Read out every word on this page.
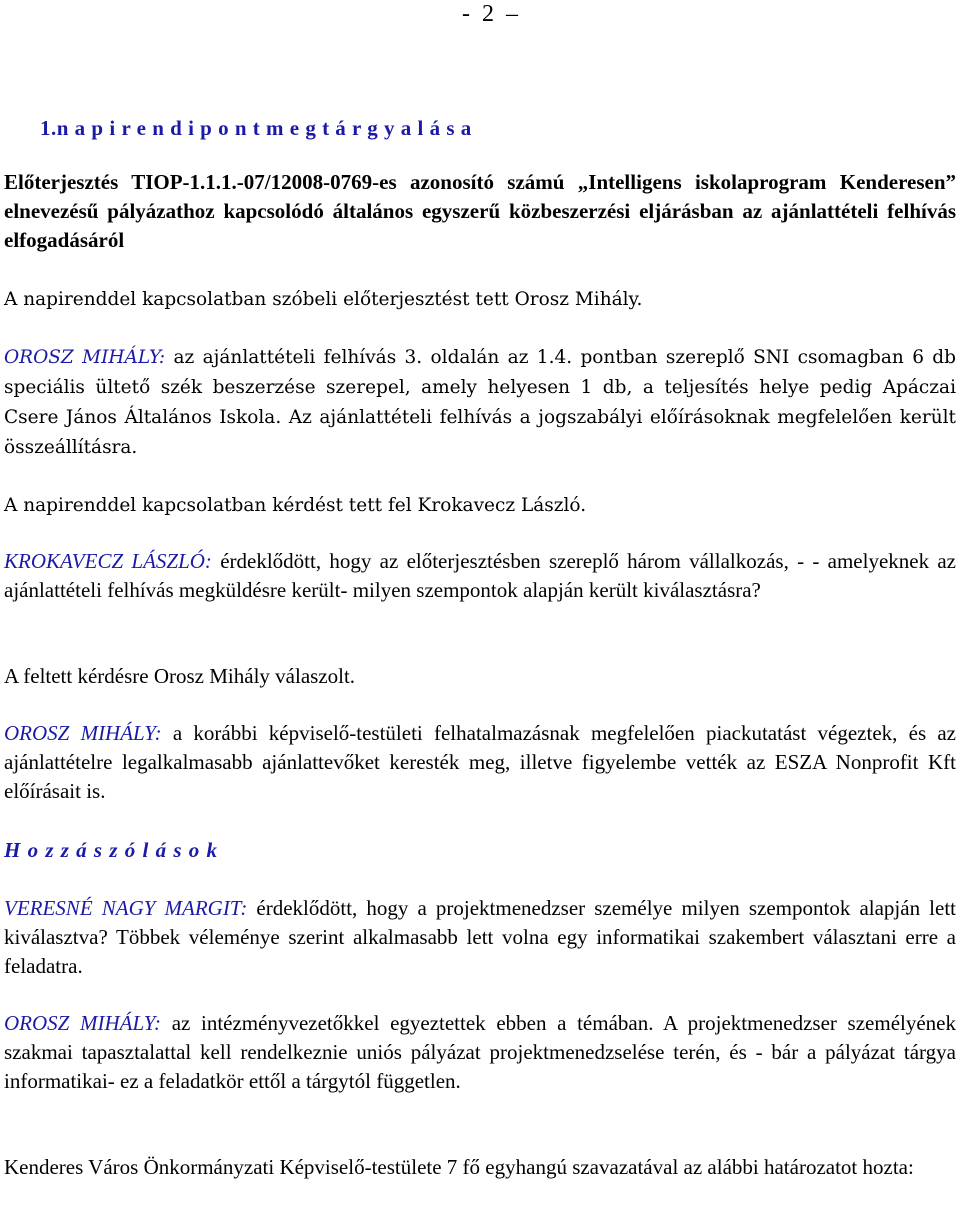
-  2  –
1.n a p i r e n d i p o n t m e g t á r g y a l á s a
Előterjesztés TIOP-1.1.1.-07/12008-0769-es azonosító számú „Intelligens iskolaprogram Kenderesen” elnevezésű pályázathoz kapcsolódó általános egyszerű közbeszerzési eljárásban az ajánlattételi felhívás elfogadásáról
A napirenddel kapcsolatban szóbeli előterjesztést tett Orosz Mihály.
OROSZ MIHÁLY: az ajánlattételi felhívás 3. oldalán az 1.4. pontban szereplő SNI csomagban 6 db speciális ültető szék beszerzése szerepel, amely helyesen 1 db, a teljesítés helye pedig Apáczai Csere János Általános Iskola. Az ajánlattételi felhívás a jogszabályi előírásoknak megfelelően került összeállításra.
A napirenddel kapcsolatban kérdést tett fel Krokavecz László.
KROKAVECZ LÁSZLÓ: érdeklődött, hogy az előterjesztésben szereplő három vállalkozás, - - amelyeknek az ajánlattételi felhívás megküldésre került- milyen szempontok alapján került kiválasztásra?
A feltett kérdésre Orosz Mihály válaszolt.
OROSZ MIHÁLY: a korábbi képviselő-testületi felhatalmazásnak megfelelően piackutatást végeztek, és az ajánlattételre legalkalmasabb ajánlattevőket keresték meg, illetve figyelembe vették az ESZA Nonprofit Kft előírásait is.
H o z z á s z ó l á s o k
VERESNÉ NAGY MARGIT: érdeklődött, hogy a projektmenedzser személye milyen szempontok alapján lett kiválasztva? Többek véleménye szerint alkalmasabb lett volna egy informatikai szakembert választani erre a feladatra.
OROSZ MIHÁLY: az intézményvezetőkkel egyeztettek ebben a témában. A projektmenedzser személyének szakmai tapasztalattal kell rendelkeznie uniós pályázat projektmenedzselése terén, és - bár a pályázat tárgya informatikai- ez a feladatkör ettől a tárgytól független.
Kenderes Város Önkormányzati Képviselő-testülete 7 fő egyhangú szavazatával az alábbi határozatot hozta:
